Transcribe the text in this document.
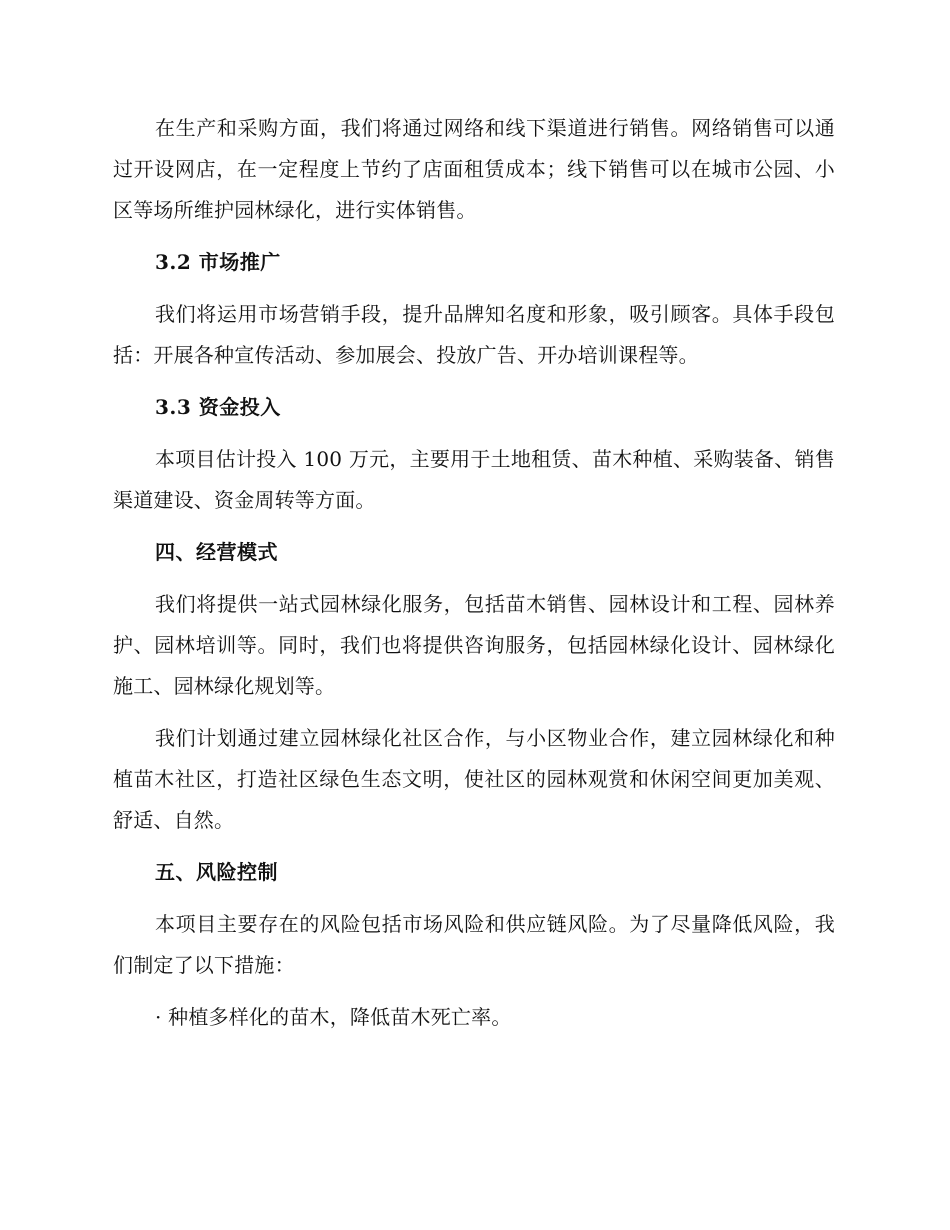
在生产和采购方面，我们将通过网络和线下渠道进行销售。网络销售可以通过开设网店，在一定程度上节约了店面租赁成本；线下销售可以在城市公园、小区等场所维护园林绿化，进行实体销售。

3.2 市场推广

我们将运用市场营销手段，提升品牌知名度和形象，吸引顾客。具体手段包括：开展各种宣传活动、参加展会、投放广告、开办培训课程等。

3.3 资金投入

本项目估计投入 100 万元，主要用于土地租赁、苗木种植、采购装备、销售渠道建设、资金周转等方面。

四、经营模式

我们将提供一站式园林绿化服务，包括苗木销售、园林设计和工程、园林养护、园林培训等。同时，我们也将提供咨询服务，包括园林绿化设计、园林绿化施工、园林绿化规划等。

我们计划通过建立园林绿化社区合作，与小区物业合作，建立园林绿化和种植苗木社区，打造社区绿色生态文明，使社区的园林观赏和休闲空间更加美观、舒适、自然。

五、风险控制

本项目主要存在的风险包括市场风险和供应链风险。为了尽量降低风险，我们制定了以下措施：

· 种植多样化的苗木，降低苗木死亡率。
